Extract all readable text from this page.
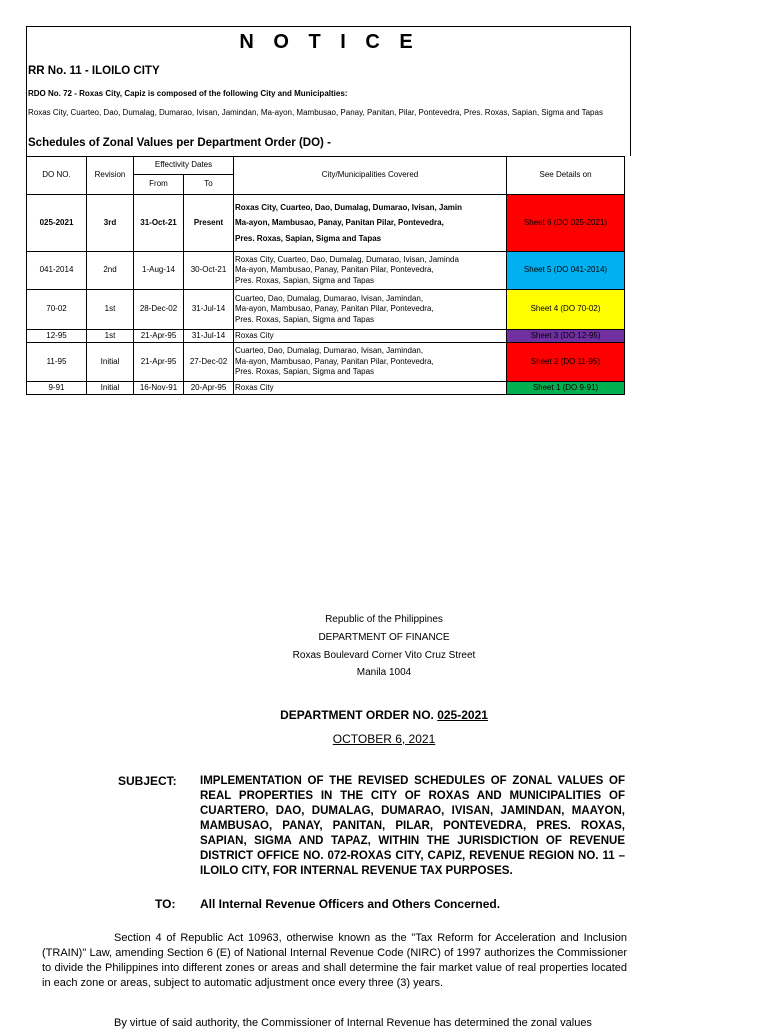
N O T I C E
RR No. 11 - ILOILO CITY
RDO No. 72 - Roxas City, Capiz is composed of the following City and Municipalties:
Schedules of Zonal Values per Department Order (DO) -
Roxas City, Cuarteo, Dao, Dumalag, Dumarao, Ivisan, Jamindan, Ma-ayon, Mambusao, Panay, Panitan, Pilar, Pontevedra, Pres. Roxas, Sapian, Sigma and Tapas
DO NO.	Revision	Effectivity Dates		City/Municipalities Covered	See Details on
		From	To		
025-2021	3rd	31-Oct-21	Present	Roxas City, Cuarteo, Dao, Dumalag, Dumarao, Ivisan, Jamin
Ma-ayon, Mambusao, Panay, Panitan Pilar, Pontevedra,
Pres. Roxas, Sapian, Sigma and Tapas	Sheet 6 (DO 025-2021)
041-2014	2nd	1-Aug-14	30-Oct-21	Roxas City, Cuarteo, Dao, Dumalag, Dumarao, Ivisan, Jaminda
Ma-ayon, Mambusao, Panay, Panitan Pilar, Pontevedra,
Pres. Roxas, Sapian, Sigma and Tapas	Sheet 5 (DO 041-2014)
70-02	1st	28-Dec-02	31-Jul-14	Cuarteo, Dao, Dumalag, Dumarao, Ivisan, Jamindan,
Ma-ayon, Mambusao, Panay, Panitan Pilar, Pontevedra,
Pres. Roxas, Sapian, Sigma and Tapas	Sheet 4 (DO 70-02)
12-95	1st	21-Apr-95	31-Jul-14	Roxas City	Sheet 3 (DO 12-95)
11-95	Initial	21-Apr-95	27-Dec-02	Cuarteo, Dao, Dumalag, Dumarao, Ivisan, Jamindan,
Ma-ayon, Mambusao, Panay, Panitan Pilar, Pontevedra,
Pres. Roxas, Sapian, Sigma and Tapas	Sheet 2 (DO 11-95)
9-91	Initial	16-Nov-91	20-Apr-95	Roxas City	Sheet 1 (DO 9-91)
Republic of the Philippines
DEPARTMENT OF FINANCE
Roxas Boulevard Corner Vito Cruz Street
Manila 1004
DEPARTMENT ORDER NO. 025-2021
OCTOBER 6, 2021
SUBJECT: IMPLEMENTATION OF THE REVISED SCHEDULES OF ZONAL VALUES OF REAL PROPERTIES IN THE CITY OF ROXAS AND MUNICIPALITIES OF CUARTERO, DAO, DUMALAG, DUMARAO, IVISAN, JAMINDAN, MAAYON, MAMBUSAO, PANAY, PANITAN, PILAR, PONTEVEDRA, PRES. ROXAS, SAPIAN, SIGMA AND TAPAZ, WITHIN THE JURISDICTION OF REVENUE DISTRICT OFFICE NO. 072-ROXAS CITY, CAPIZ, REVENUE REGION NO. 11 – ILOILO CITY, FOR INTERNAL REVENUE TAX PURPOSES.
TO: All Internal Revenue Officers and Others Concerned.
Section 4 of Republic Act 10963, otherwise known as the "Tax Reform for Acceleration and Inclusion (TRAIN)" Law, amending Section 6 (E) of National Internal Revenue Code (NIRC) of 1997 authorizes the Commissioner to divide the Philippines into different zones or areas and shall determine the fair market value of real properties located in each zone or areas, subject to automatic adjustment once every three (3) years.
By virtue of said authority, the Commissioner of Internal Revenue has determined the zonal values
